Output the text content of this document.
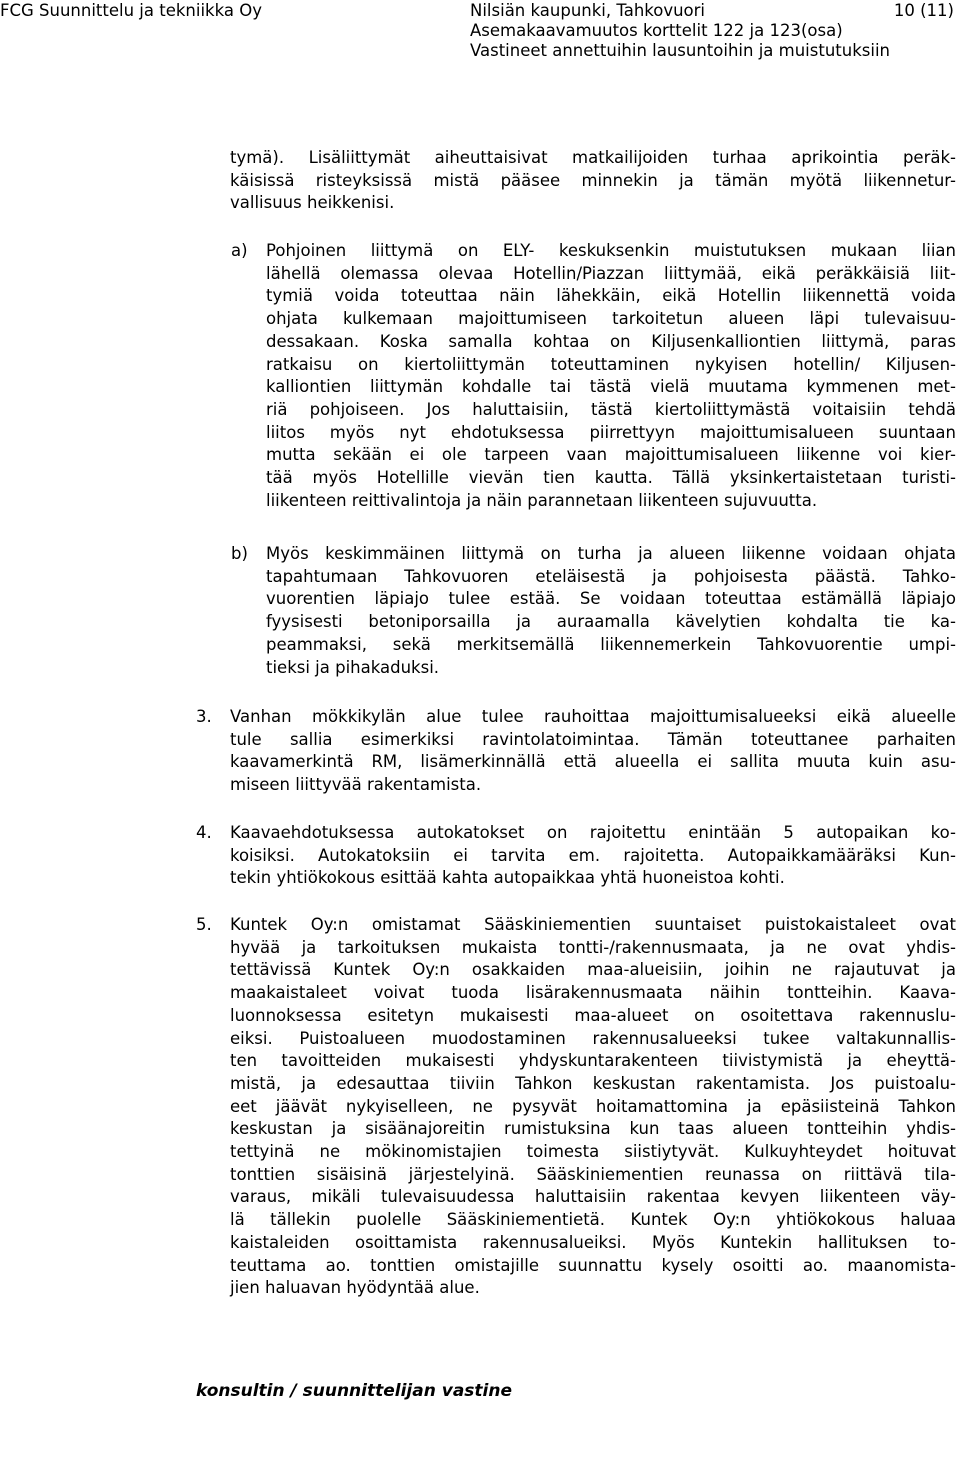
FCG Suunnittelu ja tekniikka Oy	Nilsiän kaupunki, Tahkovuori
Asemakaavamuutos korttelit 122 ja 123(osa)
Vastineet annettuihin lausuntoihin ja muistutuksiin
10 (11)
tymä). Lisäliittymät aiheuttaisivat matkailijoiden turhaa aprikointia peräk-
käisissä risteyksissä mistä pääsee minnekin ja tämän myötä liikennetur-
vallisuus heikkenisi.
a) Pohjoinen liittymä on ELY- keskuksenkin muistutuksen mukaan liian
lähellä olemassa olevaa Hotellin/Piazzan liittymää, eikä peräkkäisiä liit-
tymiä voida toteuttaa näin lähekkäin, eikä Hotellin liikennettä voida
ohjata kulkemaan majoittumiseen tarkoitetun alueen läpi tulevaisuu-
dessakaan. Koska samalla kohtaa on Kiljusenkalliontien liittymä, paras
ratkaisu on kiertoliittymän toteuttaminen nykyisen hotellin/ Kiljusen-
kalliontien liittymän kohdalle tai tästä vielä muutama kymmenen met-
riä pohjoiseen. Jos haluttaisiin, tästä kiertoliittymästä voitaisiin tehdä
liitos myös nyt ehdotuksessa piirrettyyn majoittumisalueen suuntaan
mutta sekään ei ole tarpeen vaan majoittumisalueen liikenne voi kier-
tää myös Hotellille vievän tien kautta. Tällä yksinkertaistetaan turisti-
liikenteen reittivalintoja ja näin parannetaan liikenteen sujuvuutta.
b) Myös keskimmäinen liittymä on turha ja alueen liikenne voidaan ohjata
tapahtumaan Tahkovuoren eteläisestä ja pohjoisesta päästä. Tahko-
vuorentien läpiajo tulee estää. Se voidaan toteuttaa estämällä läpiajo
fyysisesti betoniporsailla ja auraamalla kävelytien kohdalta tie ka-
peammaksi, sekä merkitsemällä liikennemerkein Tahkovuorentie umpi-
tieksi ja pihakaduksi.
3. Vanhan mökkikylän alue tulee rauhoittaa majoittumisalueeksi eikä alueelle
tule sallia esimerkiksi ravintolatoimintaa. Tämän toteuttanee parhaiten
kaavamerkintä RM, lisämerkinnällä että alueella ei sallita muuta kuin asu-
miseen liittyvää rakentamista.
4. Kaavaehdotuksessa autokatokset on rajoitettu enintään 5 autopaikan ko-
koisiksi. Autokatoksiin ei tarvita em. rajoitetta. Autopaikkamääräksi Kun-
tekin yhtiökokous esittää kahta autopaikkaa yhtä huoneistoa kohti.
5. Kuntek Oy:n omistamat Sääskiniementien suuntaiset puistokaistaleet ovat
hyvää ja tarkoituksen mukaista tontti-/rakennusmaata, ja ne ovat yhdis-
tettävissä Kuntek Oy:n osakkaiden maa-alueisiin, joihin ne rajautuvat ja
maakaistaleet voivat tuoda lisärakennusmaata näihin tontteihin. Kaava-
luonnoksessa esitetyn mukaisesti maa-alueet on osoitettava rakennuslu-
eiksi. Puistoalueen muodostaminen rakennusalueeksi tukee valtakunnallis-
ten tavoitteiden mukaisesti yhdyskuntarakenteen tiivistymistä ja eheyttä-
mistä, ja edesauttaa tiiviin Tahkon keskustan rakentamista. Jos puistoalu-
eet jäävät nykyiselleen, ne pysyvät hoitamattomina ja epäsiisteinä Tahkon
keskustan ja sisäänajoreitin rumistuksina kun taas alueen tontteihin yhdis-
tettyinä ne mökinomistajien toimesta siistiytyvät. Kulkuyhteydet hoituvat
tonttien sisäisinä järjestelyinä. Sääskiniementien reunassa on riittävä tila-
varaus, mikäli tulevaisuudessa haluttaisiin rakentaa kevyen liikenteen väy-
lä tällekin puolelle Sääskiniementietä. Kuntek Oy:n yhtiökokous haluaa
kaistaleiden osoittamista rakennusalueiksi. Myös Kuntekin hallituksen to-
teuttama ao. tonttien omistajille suunnattu kysely osoitti ao. maanomista-
jien haluavan hyödyntää alue.
konsultin / suunnittelijan vastine
